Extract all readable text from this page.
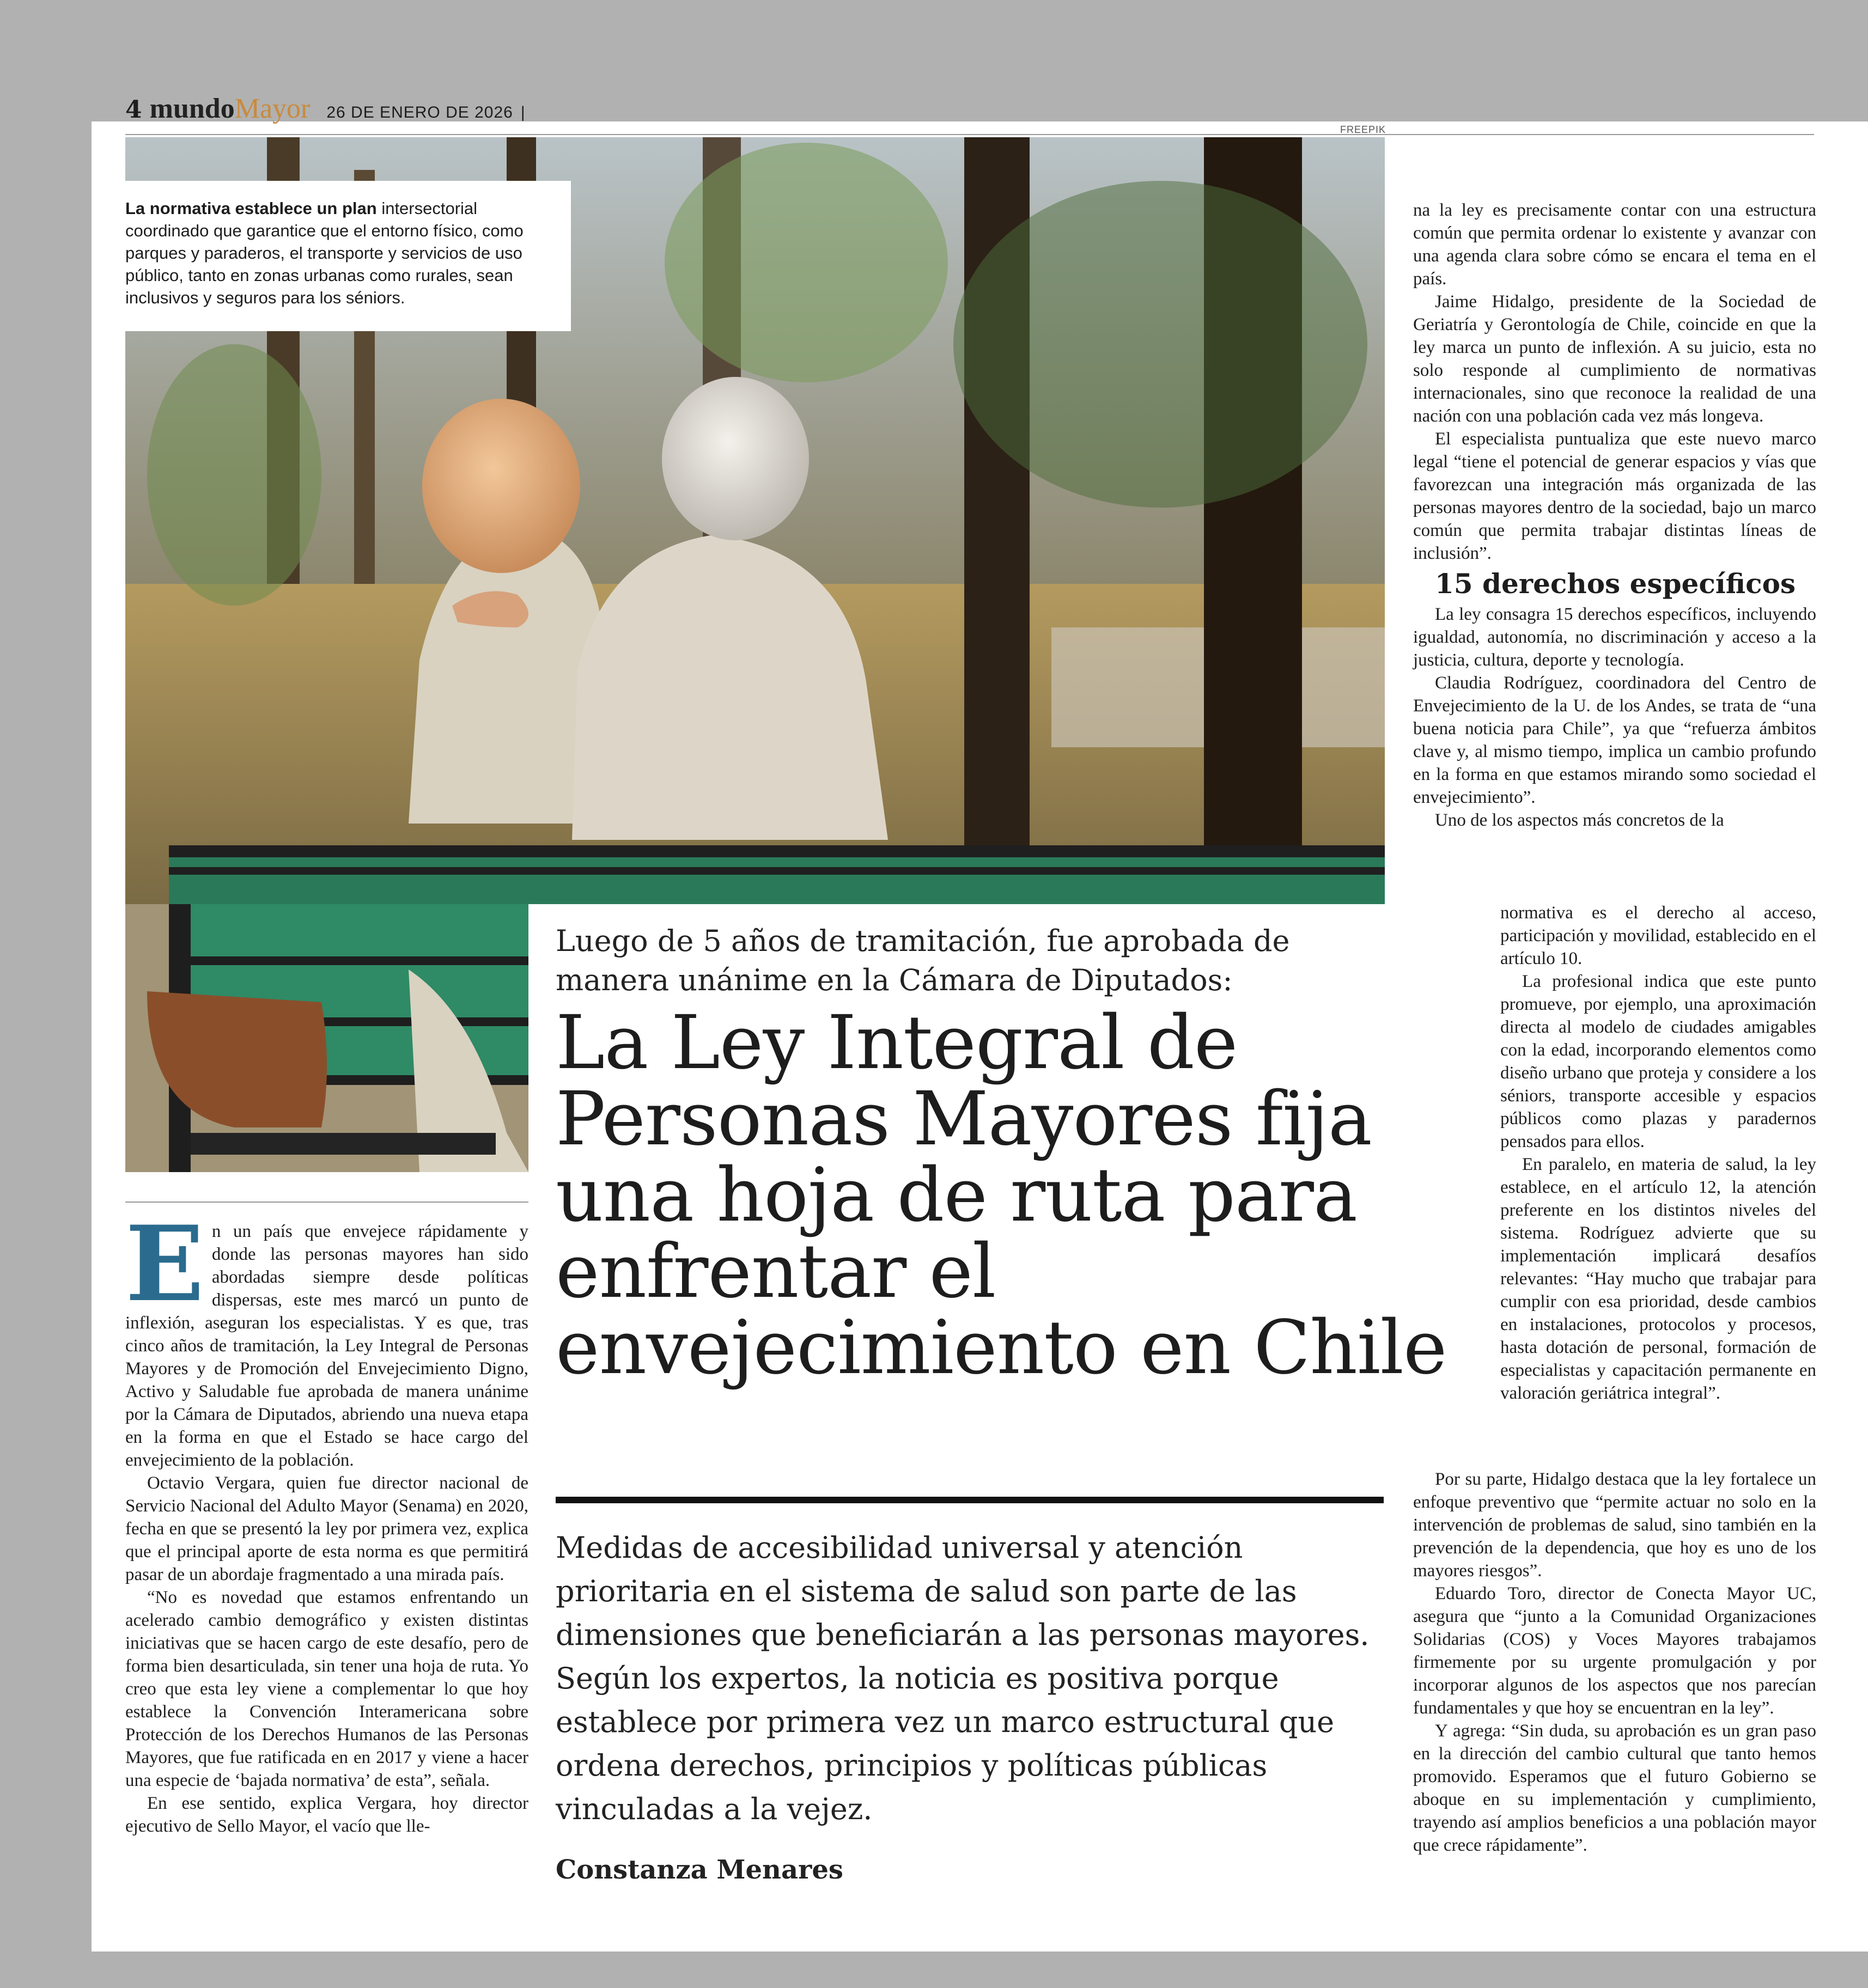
4 mundo Mayor 26 DE ENERO DE 2026 |
FREEPIK
La normativa establece un plan intersectorial coordinado que garantice que el entorno físico, como parques y paraderos, el transporte y servicios de uso público, tanto en zonas urbanas como rurales, sean inclusivos y seguros para los séniors.
Luego de 5 años de tramitación, fue aprobada de manera unánime en la Cámara de Diputados:
La Ley Integral de Personas Mayores fija una hoja de ruta para enfrentar el envejecimiento en Chile
Medidas de accesibilidad universal y atención prioritaria en el sistema de salud son parte de las dimensiones que beneficiarán a las personas mayores. Según los expertos, la noticia es positiva porque establece por primera vez un marco estructural que ordena derechos, principios y políticas públicas vinculadas a la vejez.
Constanza Menares
E n un país que envejece rápidamente y donde las personas mayores han sido abordadas siempre desde políticas dispersas, este mes marcó un punto de inflexión, aseguran los especialistas. Y es que, tras cinco años de tramitación, la Ley Integral de Personas Mayores y de Promoción del Envejecimiento Digno, Activo y Saludable fue aprobada de manera unánime por la Cámara de Diputados, abriendo una nueva etapa en la forma en que el Estado se hace cargo del envejecimiento de la población.

Octavio Vergara, quien fue director nacional de Servicio Nacional del Adulto Mayor (Senama) en 2020, fecha en que se presentó la ley por primera vez, explica que el principal aporte de esta norma es que permitirá pasar de un abordaje fragmentado a una mirada país.

“No es novedad que estamos enfrentando un acelerado cambio demográfico y existen distintas iniciativas que se hacen cargo de este desafío, pero de forma bien desarticulada, sin tener una hoja de ruta. Yo creo que esta ley viene a complementar lo que hoy establece la Convención Interamericana sobre Protección de los Derechos Humanos de las Personas Mayores, que fue ratificada en en 2017 y viene a hacer una especie de ‘bajada normativa’ de esta”, señala.

En ese sentido, explica Vergara, hoy director ejecutivo de Sello Mayor, el vacío que lle-

na la ley es precisamente contar con una estructura común que permita ordenar lo existente y avanzar con una agenda clara sobre cómo se encara el tema en el país.

Jaime Hidalgo, presidente de la Sociedad de Geriatría y Gerontología de Chile, coincide en que la ley marca un punto de inflexión. A su juicio, esta no solo responde al cumplimiento de normativas internacionales, sino que reconoce la realidad de una nación con una población cada vez más longeva.

El especialista puntualiza que este nuevo marco legal “tiene el potencial de generar espacios y vías que favorezcan una integración más organizada de las personas mayores dentro de la sociedad, bajo un marco común que permita trabajar distintas líneas de inclusión”.

15 derechos específicos

La ley consagra 15 derechos específicos, incluyendo igualdad, autonomía, no discriminación y acceso a la justicia, cultura, deporte y tecnología.

Claudia Rodríguez, coordinadora del Centro de Envejecimiento de la U. de los Andes, se trata de “una buena noticia para Chile”, ya que “refuerza ámbitos clave y, al mismo tiempo, implica un cambio profundo en la forma en que estamos mirando somo sociedad el envejecimiento”.

Uno de los aspectos más concretos de la

normativa es el derecho al acceso, participación y movilidad, establecido en el artículo 10.

La profesional indica que este punto promueve, por ejemplo, una aproximación directa al modelo de ciudades amigables con la edad, incorporando elementos como diseño urbano que proteja y considere a los séniors, transporte accesible y espacios públicos como plazas y paradernos pensados para ellos.

En paralelo, en materia de salud, la ley establece, en el artículo 12, la atención preferente en los distintos niveles del sistema. Rodríguez advierte que su implementación implicará desafíos relevantes: “Hay mucho que trabajar para cumplir con esa prioridad, desde cambios en instalaciones, protocolos y procesos, hasta dotación de personal, formación de especialistas y capacitación permanente en valoración geriátrica integral”.

Por su parte, Hidalgo destaca que la ley fortalece un enfoque preventivo que “permite actuar no solo en la intervención de problemas de salud, sino también en la prevención de la dependencia, que hoy es uno de los mayores riesgos”.

Eduardo Toro, director de Conecta Mayor UC, asegura que “junto a la Comunidad Organizaciones Solidarias (COS) y Voces Mayores trabajamos firmemente por su urgente promulgación y por incorporar algunos de los aspectos que nos parecían fundamentales y que hoy se encuentran en la ley”.

Y agrega: “Sin duda, su aprobación es un gran paso en la dirección del cambio cultural que tanto hemos promovido. Esperamos que el futuro Gobierno se aboque en su implementación y cumplimiento, trayendo así amplios beneficios a una población mayor que crece rápidamente”.
